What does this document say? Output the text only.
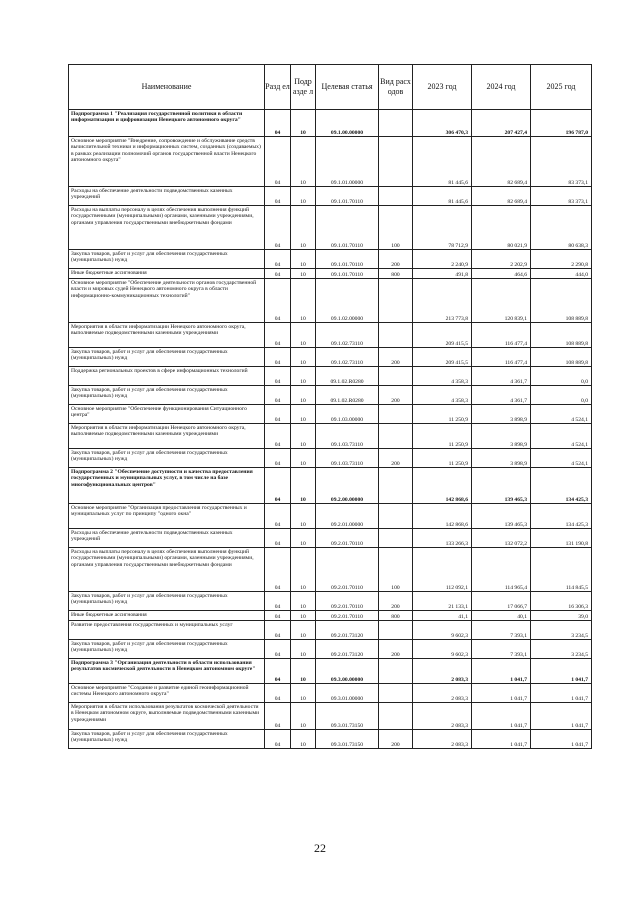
Наименование	Разд ел	Подр азде л	Целевая статья	Вид расх одов	2023 год	2024 год	2025 год
Подпрограмма 1 "Реализация государственной политики в области информатизации и цифровизации Ненецкого автономного округа"	04	10	09.1.00.00000		306 470,3	207 427,4	196 787,0
Основное мероприятие "Внедрение, сопровождение и обслуживание средств вычислительной техники и информационных систем, созданных (создаваемых) в рамках реализации полномочий органов государственной власти Ненецкого автономного округа"	04	10	09.1.01.00000		81 445,6	82 689,4	83 373,1
Расходы на обеспечение деятельности подведомственных казенных учреждений	04	10	09.1.01.70110		81 445,6	82 689,4	83 373,1
Расходы на выплаты персоналу в целях обеспечения выполнения функций государственными (муниципальными) органами, казенными учреждениями, органами управления государственными внебюджетными фондами	04	10	09.1.01.70110	100	78 712,9	80 021,9	80 638,3
Закупка товаров, работ и услуг для обеспечения государственных (муниципальных) нужд	04	10	09.1.01.70110	200	2 240,9	2 202,9	2 290,8
Иные бюджетные ассигнования	04	10	09.1.01.70110	800	491,8	464,6	444,0
Основное мероприятие "Обеспечение деятельности органов государственной власти и мировых судей Ненецкого автономного округа в области информационно-коммуникационных технологий"	04	10	09.1.02.00000		213 773,8	120 839,1	108 889,8
Мероприятия в области информатизации Ненецкого автономного округа, выполняемые подведомственными казенными учреждениями	04	10	09.1.02.73110		209 415,5	116 477,4	108 889,8
Закупка товаров, работ и услуг для обеспечения государственных (муниципальных) нужд	04	10	09.1.02.73110	200	209 415,5	116 477,4	108 889,8
Поддержка региональных проектов в сфере информационных технологий	04	10	09.1.02.R0280		4 358,3	4 361,7	0,0
Закупка товаров, работ и услуг для обеспечения государственных (муниципальных) нужд	04	10	09.1.02.R0280	200	4 358,3	4 361,7	0,0
Основное мероприятие "Обеспечение функционирования Ситуационного центра"	04	10	09.1.03.00000		11 250,9	3 898,9	4 524,1
Мероприятия в области информатизации Ненецкого автономного округа, выполняемые подведомственными казенными учреждениями	04	10	09.1.03.73110		11 250,9	3 898,9	4 524,1
Закупка товаров, работ и услуг для обеспечения государственных (муниципальных) нужд	04	10	09.1.03.73110	200	11 250,9	3 898,9	4 524,1
Подпрограмма 2 "Обеспечение доступности и качества предоставления государственных и муниципальных услуг, в том числе на базе многофункциональных центров"	04	10	09.2.00.00000		142 868,6	139 465,3	134 425,3
Основное мероприятие "Организация предоставления государственных и муниципальных услуг по принципу "одного окна"	04	10	09.2.01.00000		142 868,6	139 465,3	134 425,3
Расходы на обеспечение деятельности подведомственных казенных учреждений	04	10	09.2.01.70110		133 266,3	132 072,2	131 190,8
Расходы на выплаты персоналу в целях обеспечения выполнения функций государственными (муниципальными) органами, казенными учреждениями, органами управления государственными внебюджетными фондами	04	10	09.2.01.70110	100	112 092,1	114 965,4	114 845,5
Закупка товаров, работ и услуг для обеспечения государственных (муниципальных) нужд	04	10	09.2.01.70110	200	21 133,1	17 066,7	16 306,3
Иные бюджетные ассигнования	04	10	09.2.01.70110	800	41,1	40,1	39,0
Развитие предоставления государственных и муниципальных услуг	04	10	09.2.01.73120		9 602,3	7 393,1	3 234,5
Закупка товаров, работ и услуг для обеспечения государственных (муниципальных) нужд	04	10	09.2.01.73120	200	9 602,3	7 393,1	3 234,5
Подпрограмма 3 "Организация деятельности в области использования результатов космической деятельности в Ненецком автономном округе"	04	10	09.3.00.00000		2 083,3	1 041,7	1 041,7
Основное мероприятие "Создание и развитие единой геоинформационной системы Ненецкого автономного округа"	04	10	09.3.01.00000		2 083,3	1 041,7	1 041,7
Мероприятия в области использования результатов космической деятельности в Ненецком автономном округе, выполняемые подведомственными казенными учреждениями	04	10	09.3.01.73150		2 083,3	1 041,7	1 041,7
Закупка товаров, работ и услуг для обеспечения государственных (муниципальных) нужд	04	10	09.3.01.73150	200	2 083,3	1 041,7	1 041,7
22
